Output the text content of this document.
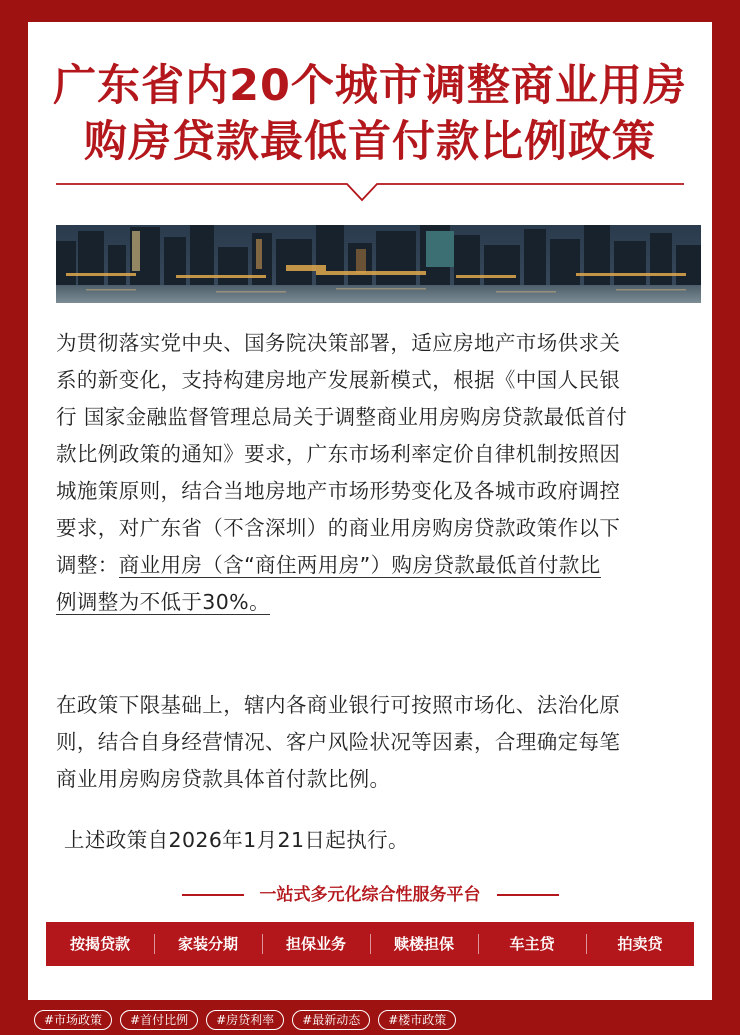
广东省内20个城市调整商业用房
购房贷款最低首付款比例政策
为贯彻落实党中央、国务院决策部署，适应房地产市场供求关
系的新变化，支持构建房地产发展新模式，根据《中国人民银
行 国家金融监督管理总局关于调整商业用房购房贷款最低首付
款比例政策的通知》要求，广东市场利率定价自律机制按照因
城施策原则，结合当地房地产市场形势变化及各城市政府调控
要求，对广东省（不含深圳）的商业用房购房贷款政策作以下
调整：商业用房（含“商住两用房”）购房贷款最低首付款比
例调整为不低于30%。
在政策下限基础上，辖内各商业银行可按照市场化、法治化原
则，结合自身经营情况、客户风险状况等因素，合理确定每笔
商业用房购房贷款具体首付款比例。
上述政策自2026年1月21日起执行。
一站式多元化综合性服务平台
按揭贷款	家装分期	担保业务	赎楼担保	车主贷	拍卖贷
#市场政策	#首付比例	#房贷利率	#最新动态	#楼市政策
